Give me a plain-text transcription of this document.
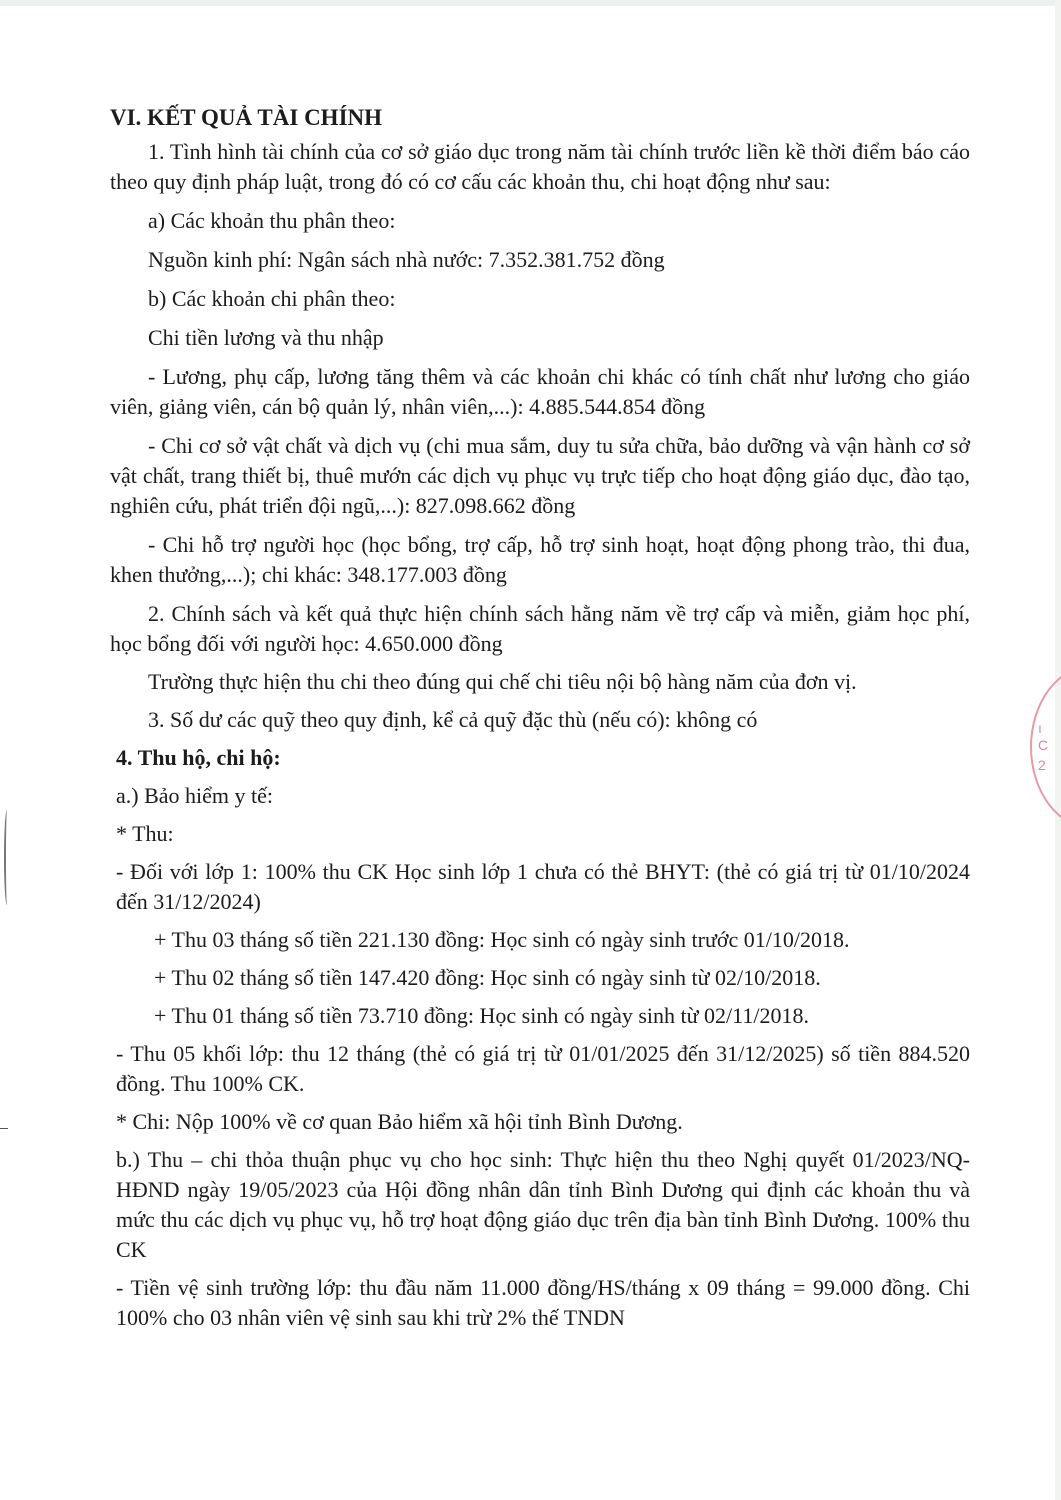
ı
C
2

VI. KẾT QUẢ TÀI CHÍNH

1. Tình hình tài chính của cơ sở giáo dục trong năm tài chính trước liền kề thời điểm báo cáo theo quy định pháp luật, trong đó có cơ cấu các khoản thu, chi hoạt động như sau:

a) Các khoản thu phân theo:

Nguồn kinh phí: Ngân sách nhà nước: 7.352.381.752 đồng

b) Các khoản chi phân theo:

Chi tiền lương và thu nhập

- Lương, phụ cấp, lương tăng thêm và các khoản chi khác có tính chất như lương cho giáo viên, giảng viên, cán bộ quản lý, nhân viên,...): 4.885.544.854 đồng

- Chi cơ sở vật chất và dịch vụ (chi mua sắm, duy tu sửa chữa, bảo dưỡng và vận hành cơ sở vật chất, trang thiết bị, thuê mướn các dịch vụ phục vụ trực tiếp cho hoạt động giáo dục, đào tạo, nghiên cứu, phát triển đội ngũ,...): 827.098.662 đồng

- Chi hỗ trợ người học (học bổng, trợ cấp, hỗ trợ sinh hoạt, hoạt động phong trào, thi đua, khen thưởng,...); chi khác: 348.177.003 đồng

2. Chính sách và kết quả thực hiện chính sách hằng năm về trợ cấp và miễn, giảm học phí, học bổng đối với người học: 4.650.000 đồng

Trường thực hiện thu chi theo đúng qui chế chi tiêu nội bộ hàng năm của đơn vị.

3. Số dư các quỹ theo quy định, kể cả quỹ đặc thù (nếu có): không có

4. Thu hộ, chi hộ:

a.) Bảo hiểm y tế:

* Thu:

- Đối với lớp 1: 100% thu CK Học sinh lớp 1 chưa có thẻ BHYT: (thẻ có giá trị từ 01/10/2024 đến 31/12/2024)

+ Thu 03 tháng số tiền 221.130 đồng: Học sinh có ngày sinh trước 01/10/2018.

+ Thu 02 tháng số tiền 147.420 đồng: Học sinh có ngày sinh từ 02/10/2018.

+ Thu 01 tháng số tiền 73.710 đồng: Học sinh có ngày sinh từ 02/11/2018.

- Thu 05 khối lớp: thu 12 tháng (thẻ có giá trị từ 01/01/2025 đến 31/12/2025) số tiền 884.520 đồng. Thu 100% CK.

* Chi: Nộp 100% về cơ quan Bảo hiểm xã hội tỉnh Bình Dương.

b.) Thu – chi thỏa thuận phục vụ cho học sinh: Thực hiện thu theo Nghị quyết 01/2023/NQ-HĐND ngày 19/05/2023 của Hội đồng nhân dân tỉnh Bình Dương qui định các khoản thu và mức thu các dịch vụ phục vụ, hỗ trợ hoạt động giáo dục trên địa bàn tỉnh Bình Dương. 100% thu CK

- Tiền vệ sinh trường lớp: thu đầu năm 11.000 đồng/HS/tháng x 09 tháng = 99.000 đồng. Chi 100% cho 03 nhân viên vệ sinh sau khi trừ 2% thế TNDN
